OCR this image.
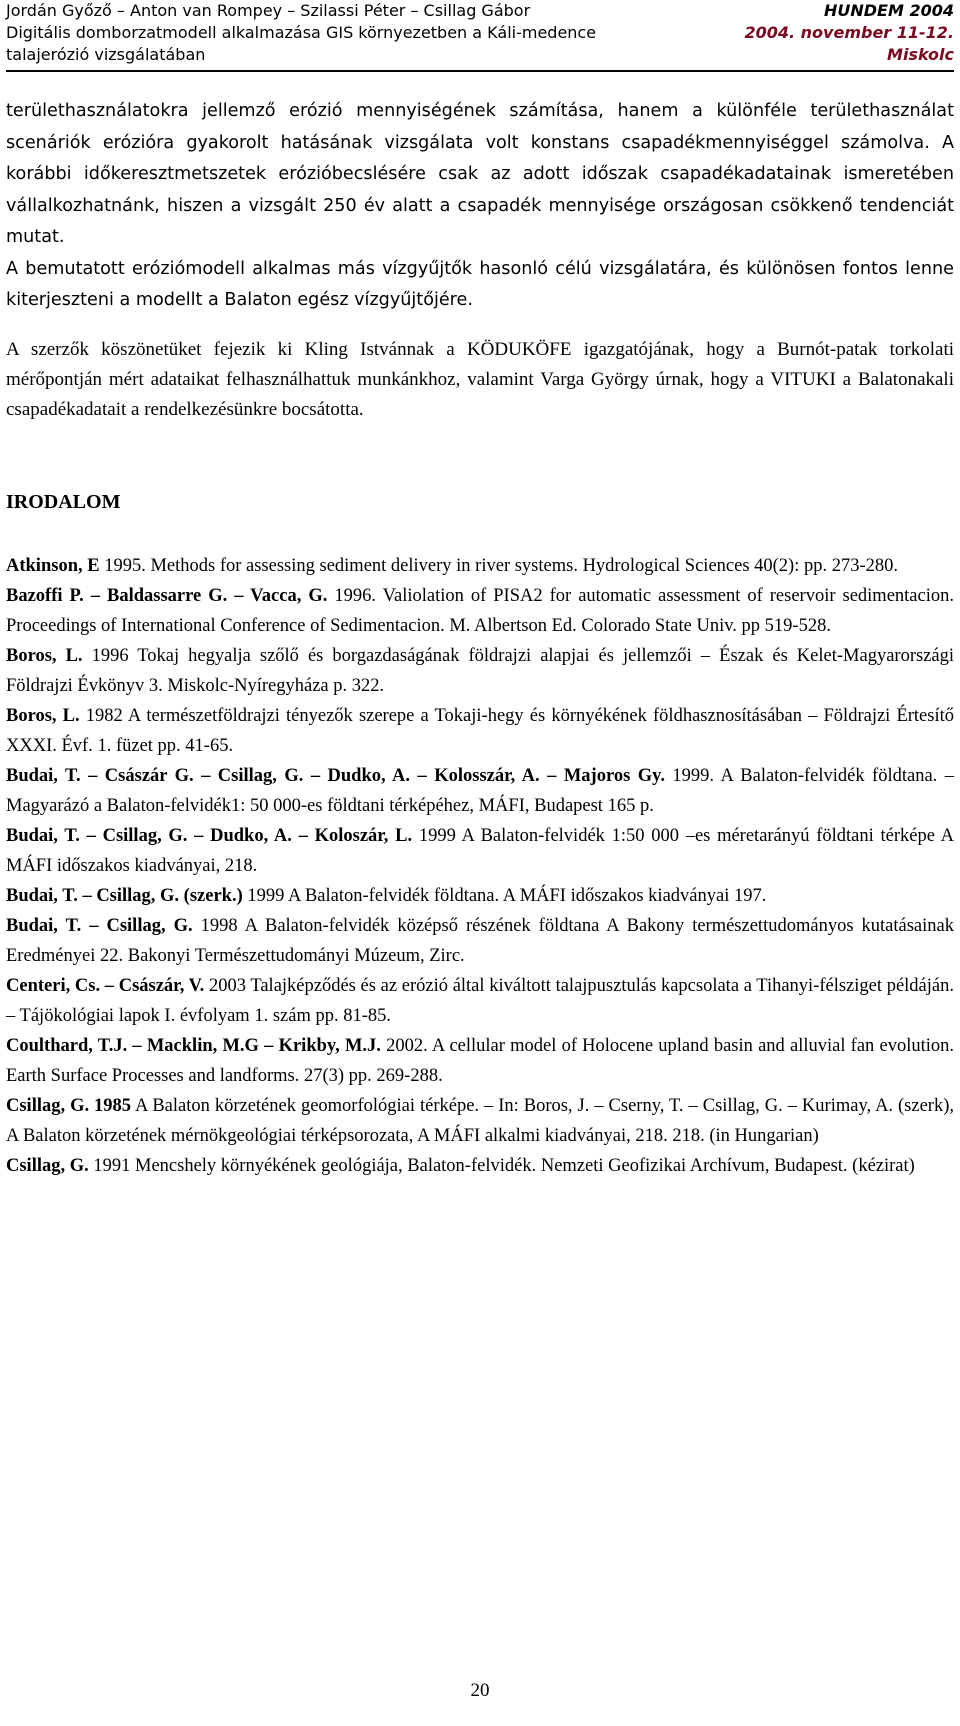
Jordán Győző – Anton van Rompey – Szilassi Péter – Csillag Gábor
Digitális domborzatmodell alkalmazása GIS környezetben a Káli-medence
talajerózió vizsgálatában
HUNDEM 2004
2004. november 11-12.
Miskolc

területhasználatokra jellemző erózió mennyiségének számítása, hanem a különféle területhasználat scenáriók erózióra gyakorolt hatásának vizsgálata volt konstans csapadékmennyiséggel számolva. A korábbi időkeresztmetszetek erózióbecslésére csak az adott időszak csapadékadatainak ismeretében vállalkozhatnánk, hiszen a vizsgált 250 év alatt a csapadék mennyisége országosan csökkenő tendenciát mutat.

A bemutatott eróziómodell alkalmas más vízgyűjtők hasonló célú vizsgálatára, és különösen fontos lenne kiterjeszteni a modellt a Balaton egész vízgyűjtőjére.

A szerzők köszönetüket fejezik ki Kling Istvánnak a KÖDUKÖFE igazgatójának, hogy a Burnót-patak torkolati mérőpontján mért adataikat felhasználhattuk munkánkhoz, valamint Varga György úrnak, hogy a VITUKI a Balatonakali csapadékadatait a rendelkezésünkre bocsátotta.

IRODALOM

Atkinson, E 1995. Methods for assessing sediment delivery in river systems. Hydrological Sciences 40(2): pp. 273-280.

Bazoffi P. – Baldassarre G. – Vacca, G. 1996. Valiolation of PISA2 for automatic assessment of reservoir sedimentacion. Proceedings of International Conference of Sedimentacion. M. Albertson Ed. Colorado State Univ. pp 519-528.

Boros, L. 1996 Tokaj hegyalja szőlő és borgazdaságának földrajzi alapjai és jellemzői – Észak és Kelet-Magyarországi Földrajzi Évkönyv 3. Miskolc-Nyíregyháza p. 322.

Boros, L. 1982 A természetföldrajzi tényezők szerepe a Tokaji-hegy és környékének földhasznosításában – Földrajzi Értesítő XXXI. Évf. 1. füzet pp. 41-65.

Budai, T. – Császár G. – Csillag, G. – Dudko, A. – Kolosszár, A. – Majoros Gy. 1999. A Balaton-felvidék földtana. – Magyarázó a Balaton-felvidék1: 50 000-es földtani térképéhez, MÁFI, Budapest 165 p.

Budai, T. – Csillag, G. – Dudko, A. – Koloszár, L. 1999 A Balaton-felvidék 1:50 000 –es méretarányú földtani térképe A MÁFI időszakos kiadványai, 218.

Budai, T. – Csillag, G. (szerk.) 1999 A Balaton-felvidék földtana. A MÁFI időszakos kiadványai 197.

Budai, T. – Csillag, G. 1998 A Balaton-felvidék középső részének földtana A Bakony természettudományos kutatásainak Eredményei 22. Bakonyi Természettudományi Múzeum, Zirc.

Centeri, Cs. – Császár, V. 2003 Talajképződés és az erózió által kiváltott talajpusztulás kapcsolata a Tihanyi-félsziget példáján. – Tájökológiai lapok I. évfolyam 1. szám pp. 81-85.

Coulthard, T.J. – Macklin, M.G – Krikby, M.J. 2002. A cellular model of Holocene upland basin and alluvial fan evolution. Earth Surface Processes and landforms. 27(3) pp. 269-288.

Csillag, G. 1985 A Balaton körzetének geomorfológiai térképe. – In: Boros, J. – Cserny, T. – Csillag, G. – Kurimay, A. (szerk), A Balaton körzetének mérnökgeológiai térképsorozata, A MÁFI alkalmi kiadványai, 218. 218. (in Hungarian)

Csillag, G. 1991 Mencshely környékének geológiája, Balaton-felvidék. Nemzeti Geofizikai Archívum, Budapest. (kézirat)

20
